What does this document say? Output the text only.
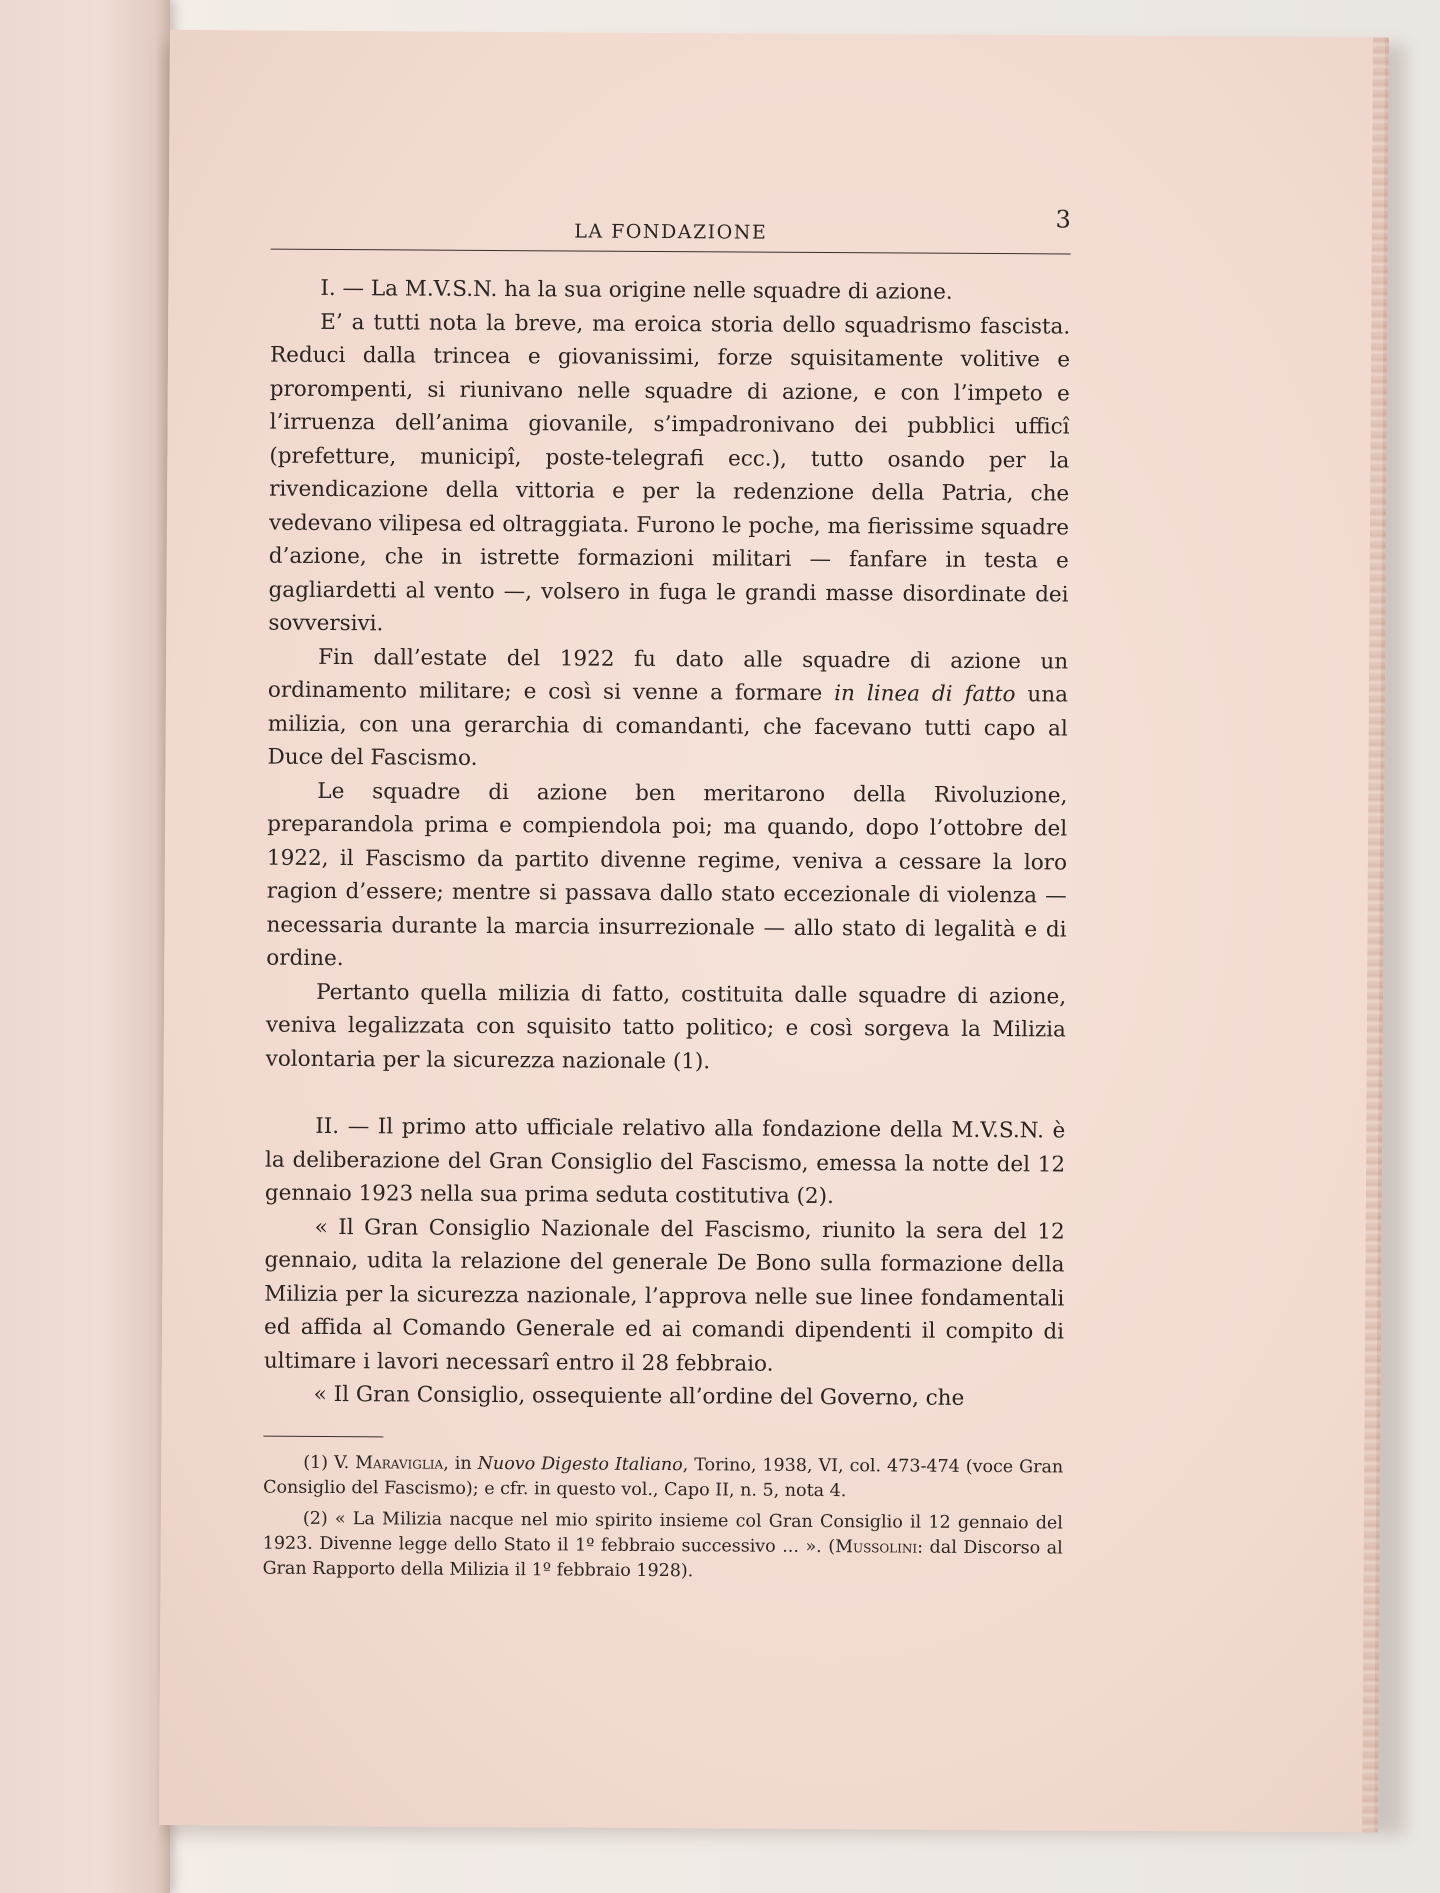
LA FONDAZIONE	3

I. — La M.V.S.N. ha la sua origine nelle squadre di azione.

E’ a tutti nota la breve, ma eroica storia dello squadrismo fascista. Reduci dalla trincea e giovanissimi, forze squisitamente volitive e prorompenti, si riunivano nelle squadre di azione, e con l’impeto e l’irruenza dell’anima giovanile, s’impadronivano dei pubblici ufficî (prefetture, municipî, poste-telegrafi ecc.), tutto osando per la rivendicazione della vittoria e per la redenzione della Patria, che vedevano vilipesa ed oltraggiata. Furono le poche, ma fierissime squadre d’azione, che in istrette formazioni militari — fanfare in testa e gagliardetti al vento —, volsero in fuga le grandi masse disordinate dei sovversivi.

Fin dall’estate del 1922 fu dato alle squadre di azione un ordinamento militare; e così si venne a formare in linea di fatto una milizia, con una gerarchia di comandanti, che facevano tutti capo al Duce del Fascismo.

Le squadre di azione ben meritarono della Rivoluzione, preparandola prima e compiendola poi; ma quando, dopo l’ottobre del 1922, il Fascismo da partito divenne regime, veniva a cessare la loro ragion d’essere; mentre si passava dallo stato eccezionale di violenza — necessaria durante la marcia insurrezionale — allo stato di legalità e di ordine.

Pertanto quella milizia di fatto, costituita dalle squadre di azione, veniva legalizzata con squisito tatto politico; e così sorgeva la Milizia volontaria per la sicurezza nazionale (1).

II. — Il primo atto ufficiale relativo alla fondazione della M.V.S.N. è la deliberazione del Gran Consiglio del Fascismo, emessa la notte del 12 gennaio 1923 nella sua prima seduta costitutiva (2).

« Il Gran Consiglio Nazionale del Fascismo, riunito la sera del 12 gennaio, udita la relazione del generale De Bono sulla formazione della Milizia per la sicurezza nazionale, l’approva nelle sue linee fondamentali ed affida al Comando Generale ed ai comandi dipendenti il compito di ultimare i lavori necessarî entro il 28 febbraio.

« Il Gran Consiglio, ossequiente all’ordine del Governo, che

(1) V. Maraviglia, in Nuovo Digesto Italiano, Torino, 1938, VI, col. 473-474 (voce Gran Consiglio del Fascismo); e cfr. in questo vol., Capo II, n. 5, nota 4.

(2) « La Milizia nacque nel mio spirito insieme col Gran Consiglio il 12 gennaio del 1923. Divenne legge dello Stato il 1º febbraio successivo ... ». (Mussolini: dal Discorso al Gran Rapporto della Milizia il 1º febbraio 1928).
